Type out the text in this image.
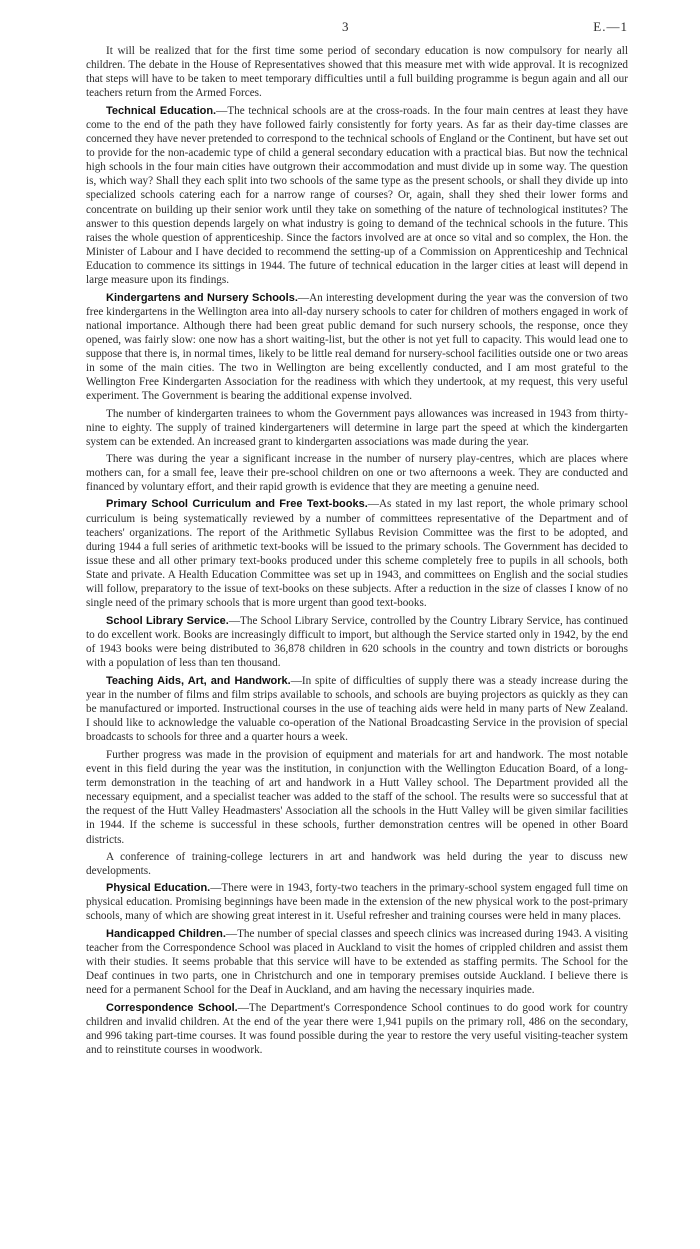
3	E.—1

It will be realized that for the first time some period of secondary education is now compulsory for nearly all children. The debate in the House of Representatives showed that this measure met with wide approval. It is recognized that steps will have to be taken to meet temporary difficulties until a full building programme is begun again and all our teachers return from the Armed Forces.

Technical Education.—The technical schools are at the cross-roads. In the four main centres at least they have come to the end of the path they have followed fairly consistently for forty years. As far as their day-time classes are concerned they have never pretended to correspond to the technical schools of England or the Continent, but have set out to provide for the non-academic type of child a general secondary education with a practical bias. But now the technical high schools in the four main cities have outgrown their accommodation and must divide up in some way. The question is, which way? Shall they each split into two schools of the same type as the present schools, or shall they divide up into specialized schools catering each for a narrow range of courses? Or, again, shall they shed their lower forms and concentrate on building up their senior work until they take on something of the nature of technological institutes? The answer to this question depends largely on what industry is going to demand of the technical schools in the future. This raises the whole question of apprenticeship. Since the factors involved are at once so vital and so complex, the Hon. the Minister of Labour and I have decided to recommend the setting-up of a Commission on Apprenticeship and Technical Education to commence its sittings in 1944. The future of technical education in the larger cities at least will depend in large measure upon its findings.

Kindergartens and Nursery Schools.—An interesting development during the year was the conversion of two free kindergartens in the Wellington area into all-day nursery schools to cater for children of mothers engaged in work of national importance. Although there had been great public demand for such nursery schools, the response, once they opened, was fairly slow: one now has a short waiting-list, but the other is not yet full to capacity. This would lead one to suppose that there is, in normal times, likely to be little real demand for nursery-school facilities outside one or two areas in some of the main cities. The two in Wellington are being excellently conducted, and I am most grateful to the Wellington Free Kindergarten Association for the readiness with which they undertook, at my request, this very useful experiment. The Government is bearing the additional expense involved.

The number of kindergarten trainees to whom the Government pays allowances was increased in 1943 from thirty-nine to eighty. The supply of trained kindergarteners will determine in large part the speed at which the kindergarten system can be extended. An increased grant to kindergarten associations was made during the year.

There was during the year a significant increase in the number of nursery play-centres, which are places where mothers can, for a small fee, leave their pre-school children on one or two afternoons a week. They are conducted and financed by voluntary effort, and their rapid growth is evidence that they are meeting a genuine need.

Primary School Curriculum and Free Text-books.—As stated in my last report, the whole primary school curriculum is being systematically reviewed by a number of committees representative of the Department and of teachers' organizations. The report of the Arithmetic Syllabus Revision Committee was the first to be adopted, and during 1944 a full series of arithmetic text-books will be issued to the primary schools. The Government has decided to issue these and all other primary text-books produced under this scheme completely free to pupils in all schools, both State and private. A Health Education Committee was set up in 1943, and committees on English and the social studies will follow, preparatory to the issue of text-books on these subjects. After a reduction in the size of classes I know of no single need of the primary schools that is more urgent than good text-books.

School Library Service.—The School Library Service, controlled by the Country Library Service, has continued to do excellent work. Books are increasingly difficult to import, but although the Service started only in 1942, by the end of 1943 books were being distributed to 36,878 children in 620 schools in the country and town districts or boroughs with a population of less than ten thousand.

Teaching Aids, Art, and Handwork.—In spite of difficulties of supply there was a steady increase during the year in the number of films and film strips available to schools, and schools are buying projectors as quickly as they can be manufactured or imported. Instructional courses in the use of teaching aids were held in many parts of New Zealand. I should like to acknowledge the valuable co-operation of the National Broadcasting Service in the provision of special broadcasts to schools for three and a quarter hours a week.

Further progress was made in the provision of equipment and materials for art and handwork. The most notable event in this field during the year was the institution, in conjunction with the Wellington Education Board, of a long-term demonstration in the teaching of art and handwork in a Hutt Valley school. The Department provided all the necessary equipment, and a specialist teacher was added to the staff of the school. The results were so successful that at the request of the Hutt Valley Headmasters' Association all the schools in the Hutt Valley will be given similar facilities in 1944. If the scheme is successful in these schools, further demonstration centres will be opened in other Board districts.

A conference of training-college lecturers in art and handwork was held during the year to discuss new developments.

Physical Education.—There were in 1943, forty-two teachers in the primary-school system engaged full time on physical education. Promising beginnings have been made in the extension of the new physical work to the post-primary schools, many of which are showing great interest in it. Useful refresher and training courses were held in many places.

Handicapped Children.—The number of special classes and speech clinics was increased during 1943. A visiting teacher from the Correspondence School was placed in Auckland to visit the homes of crippled children and assist them with their studies. It seems probable that this service will have to be extended as staffing permits. The School for the Deaf continues in two parts, one in Christchurch and one in temporary premises outside Auckland. I believe there is need for a permanent School for the Deaf in Auckland, and am having the necessary inquiries made.

Correspondence School.—The Department's Correspondence School continues to do good work for country children and invalid children. At the end of the year there were 1,941 pupils on the primary roll, 486 on the secondary, and 996 taking part-time courses. It was found possible during the year to restore the very useful visiting-teacher system and to reinstitute courses in woodwork.
